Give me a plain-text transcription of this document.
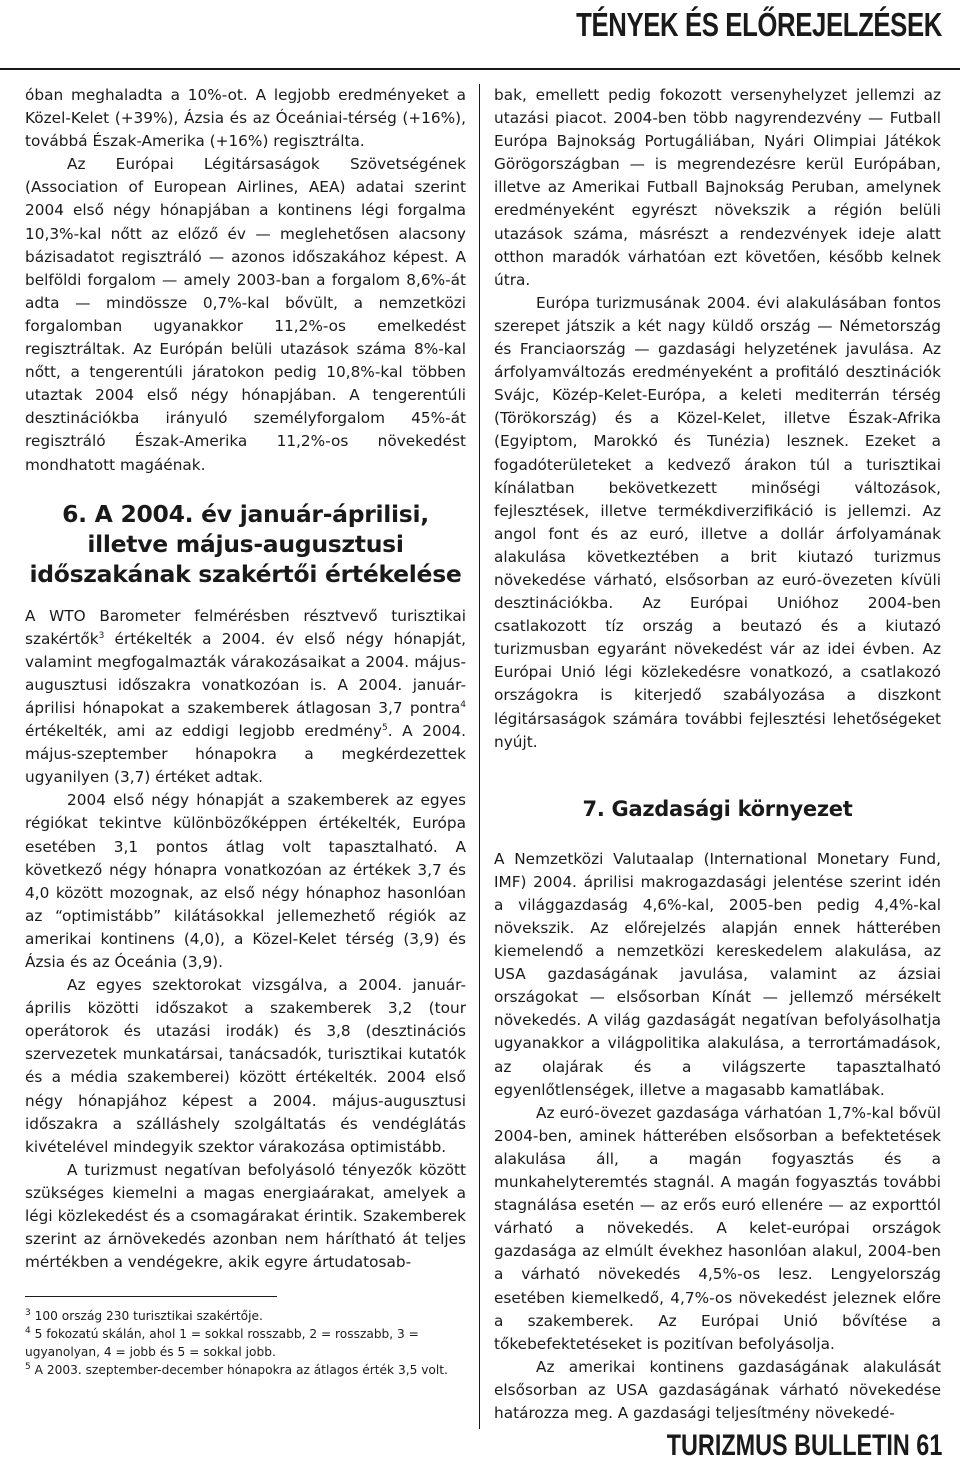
TÉNYEK ÉS ELŐREJELZÉSEK

óban meghaladta a 10%-ot. A legjobb eredményeket a Közel-Kelet (+39%), Ázsia és az Óceániai-térség (+16%), továbbá Észak-Amerika (+16%) regisztrálta.

Az Európai Légitársaságok Szövetségének (Association of European Airlines, AEA) adatai szerint 2004 első négy hónapjában a kontinens légi forgalma 10,3%-kal nőtt az előző év — meglehetősen alacsony bázisadatot regisztráló — azonos időszakához képest. A belföldi forgalom — amely 2003-ban a forgalom 8,6%-át adta — mindössze 0,7%-kal bővült, a nemzetközi forgalomban ugyanakkor 11,2%-os emelkedést regisztráltak. Az Európán belüli utazások száma 8%-kal nőtt, a tengerentúli járatokon pedig 10,8%-kal többen utaztak 2004 első négy hónapjában. A tengerentúli desztinációkba irányuló személyforgalom 45%-át regisztráló Észak-Amerika 11,2%-os növekedést mondhatott magáénak.

6. A 2004. év január-áprilisi, illetve május-augusztusi időszakának szakértői értékelése

A WTO Barometer felmérésben résztvevő turisztikai szakértők$^3$ értékelték a 2004. év első négy hónapját, valamint megfogalmazták várakozásaikat a 2004. május-augusztusi időszakra vonatkozóan is. A 2004. január-áprilisi hónapokat a szakemberek átlagosan 3,7 pontra$^4$ értékelték, ami az eddigi legjobb eredmény$^5$. A 2004. május-szeptember hónapokra a megkérdezettek ugyanilyen (3,7) értéket adtak.

2004 első négy hónapját a szakemberek az egyes régiókat tekintve különbözőképpen értékelték, Európa esetében 3,1 pontos átlag volt tapasztalható. A következő négy hónapra vonatkozóan az értékek 3,7 és 4,0 között mozognak, az első négy hónaphoz hasonlóan az “optimistább” kilátásokkal jellemezhető régiók az amerikai kontinens (4,0), a Közel-Kelet térség (3,9) és Ázsia és az Óceánia (3,9).

Az egyes szektorokat vizsgálva, a 2004. január-április közötti időszakot a szakemberek 3,2 (tour operátorok és utazási irodák) és 3,8 (desztinációs szervezetek munkatársai, tanácsadók, turisztikai kutatók és a média szakemberei) között értékelték. 2004 első négy hónapjához képest a 2004. május-augusztusi időszakra a szálláshely szolgáltatás és vendéglátás kivételével mindegyik szektor várakozása optimistább.

A turizmust negatívan befolyásoló tényezők között szükséges kiemelni a magas energiaárakat, amelyek a légi közlekedést és a csomagárakat érintik. Szakemberek szerint az árnövekedés azonban nem hárítható át teljes mértékben a vendégekre, akik egyre ártudatosab-

$^3$ 100 ország 230 turisztikai szakértője.
$^4$ 5 fokozatú skálán, ahol 1 = sokkal rosszabb, 2 = rosszabb, 3 = ugyanolyan, 4 = jobb és 5 = sokkal jobb.
$^5$ A 2003. szeptember-december hónapokra az átlagos érték 3,5 volt.

bak, emellett pedig fokozott versenyhelyzet jellemzi az utazási piacot. 2004-ben több nagyrendezvény — Futball Európa Bajnokság Portugáliában, Nyári Olimpiai Játékok Görögországban — is megrendezésre kerül Európában, illetve az Amerikai Futball Bajnokság Peruban, amelynek eredményeként egyrészt növekszik a régión belüli utazások száma, másrészt a rendezvények ideje alatt otthon maradók várhatóan ezt követően, később kelnek útra.

Európa turizmusának 2004. évi alakulásában fontos szerepet játszik a két nagy küldő ország — Németország és Franciaország — gazdasági helyzetének javulása. Az árfolyamváltozás eredményeként a profitáló desztinációk Svájc, Közép-Kelet-Európa, a keleti mediterrán térség (Törökország) és a Közel-Kelet, illetve Észak-Afrika (Egyiptom, Marokkó és Tunézia) lesznek. Ezeket a fogadóterületeket a kedvező árakon túl a turisztikai kínálatban bekövetkezett minőségi változások, fejlesztések, illetve termékdiverzifikáció is jellemzi. Az angol font és az euró, illetve a dollár árfolyamának alakulása következtében a brit kiutazó turizmus növekedése várható, elsősorban az euró-övezeten kívüli desztinációkba. Az Európai Unióhoz 2004-ben csatlakozott tíz ország a beutazó és a kiutazó turizmusban egyaránt növekedést vár az idei évben. Az Európai Unió légi közlekedésre vonatkozó, a csatlakozó országokra is kiterjedő szabályozása a diszkont légitársaságok számára további fejlesztési lehetőségeket nyújt.

7. Gazdasági környezet

A Nemzetközi Valutaalap (International Monetary Fund, IMF) 2004. áprilisi makrogazdasági jelentése szerint idén a világgazdaság 4,6%-kal, 2005-ben pedig 4,4%-kal növekszik. Az előrejelzés alapján ennek hátterében kiemelendő a nemzetközi kereskedelem alakulása, az USA gazdaságának javulása, valamint az ázsiai országokat — elsősorban Kínát — jellemző mérsékelt növekedés. A világ gazdaságát negatívan befolyásolhatja ugyanakkor a világpolitika alakulása, a terrortámadások, az olajárak és a világszerte tapasztalható egyenlőtlenségek, illetve a magasabb kamatlábak.

Az euró-övezet gazdasága várhatóan 1,7%-kal bővül 2004-ben, aminek hátterében elsősorban a befektetések alakulása áll, a magán fogyasztás és a munkahelyteremtés stagnál. A magán fogyasztás további stagnálása esetén — az erős euró ellenére — az exporttól várható a növekedés. A kelet-európai országok gazdasága az elmúlt évekhez hasonlóan alakul, 2004-ben a várható növekedés 4,5%-os lesz. Lengyelország esetében kiemelkedő, 4,7%-os növekedést jeleznek előre a szakemberek. Az Európai Unió bővítése a tőkebefektetéseket is pozitívan befolyásolja.

Az amerikai kontinens gazdaságának alakulását elsősorban az USA gazdaságának várható növekedése határozza meg. A gazdasági teljesítmény növekedé-

TURIZMUS BULLETIN 61
